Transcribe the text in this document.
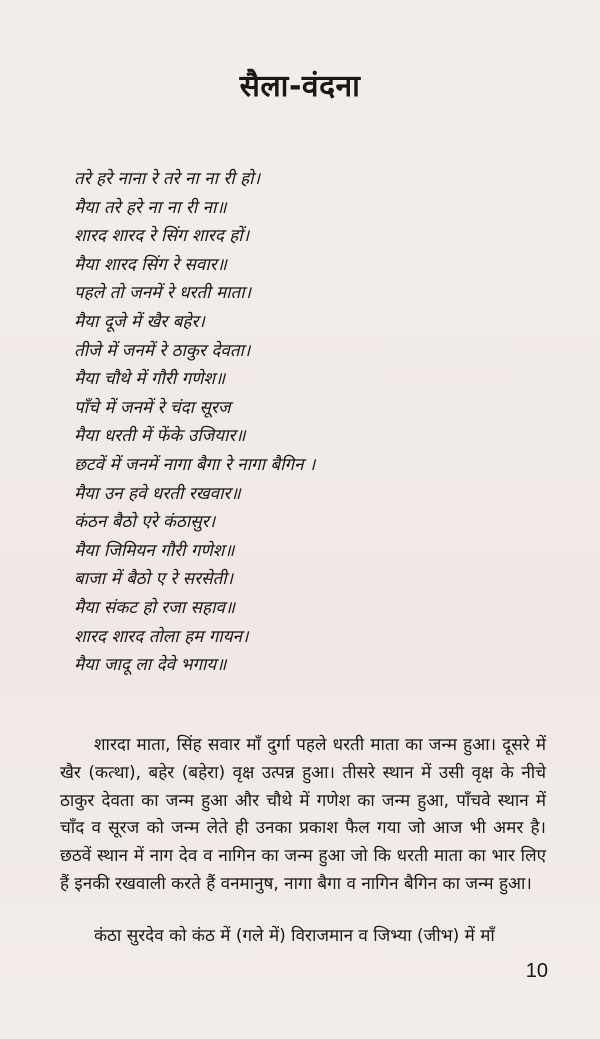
सैला-वंदना
तरे हरे नाना रे तरे ना ना री हो।
मैया तरे हरे ना ना री ना॥
शारद शारद रे सिंग शारद हों।
मैया शारद सिंग रे सवार॥
पहले तो जनमें रे धरती माता।
मैया दूजे में खैर बहेर।
तीजे में जनमें रे ठाकुर देवता।
मैया चौथे में गौरी गणेश॥
पाँचे में जनमें रे चंदा सूरज
मैया धरती में फेंके उजियार॥
छटवें में जनमें नागा बैगा रे नागा बैगिन ।
मैया उन हवे धरती रखवार॥
कंठन बैठो एरे कंठासुर।
मैया जिमियन गौरी गणेश॥
बाजा में बैठो ए रे सरसेती।
मैया संकट हो रजा सहाव॥
शारद शारद तोला हम गायन।
मैया जादू ला देवे भगाय॥

शारदा माता, सिंह सवार माँ दुर्गा पहले धरती माता का जन्म हुआ। दूसरे में खैर (कत्था), बहेर (बहेरा) वृक्ष उत्पन्न हुआ। तीसरे स्थान में उसी वृक्ष के नीचे ठाकुर देवता का जन्म हुआ और चौथे में गणेश का जन्म हुआ, पाँचवे स्थान में चाँद व सूरज को जन्म लेते ही उनका प्रकाश फैल गया जो आज भी अमर है। छठवें स्थान में नाग देव व नागिन का जन्म हुआ जो कि धरती माता का भार लिए हैं इनकी रखवाली करते हैं वनमानुष, नागा बैगा व नागिन बैगिन का जन्म हुआ।

कंठा सुरदेव को कंठ में (गले में) विराजमान व जिभ्या (जीभ) में माँ

10
